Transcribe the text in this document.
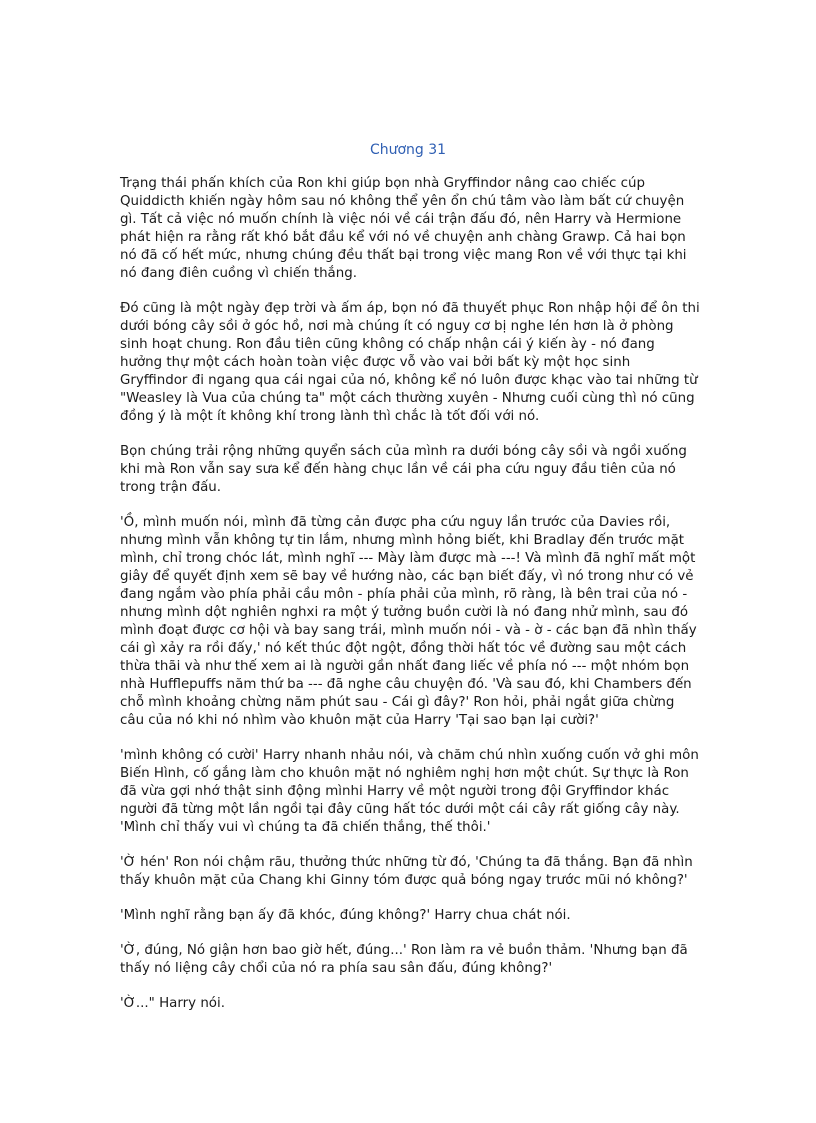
Chương 31

Trạng thái phấn khích của Ron khi giúp bọn nhà Gryffindor nâng cao chiếc cúp Quiddicth khiến ngày hôm sau nó không thể yên ổn chú tâm vào làm bất cứ chuyện gì. Tất cả việc nó muốn chính là việc nói về cái trận đấu đó, nên Harry và Hermione phát hiện ra rằng rất khó bắt đầu kể với nó về chuyện anh chàng Grawp. Cả hai bọn nó đã cố hết mức, nhưng chúng đều thất bại trong việc mang Ron về với thực tại khi nó đang điên cuồng vì chiến thắng.

Đó cũng là một ngày đẹp trời và ấm áp, bọn nó đã thuyết phục Ron nhập hội để ôn thi dưới bóng cây sồi ở góc hồ, nơi mà chúng ít có nguy cơ bị nghe lén hơn là ở phòng sinh hoạt chung. Ron đầu tiên cũng không có chấp nhận cái ý kiến ày - nó đang hưởng thự một cách hoàn toàn việc được vỗ vào vai bởi bất kỳ một học sinh Gryffindor đi ngang qua cái ngai của nó, không kể nó luôn được khạc vào tai những từ "Weasley là Vua của chúng ta" một cách thường xuyên - Nhưng cuối cùng thì nó cũng đồng ý là một ít không khí trong lành thì chắc là tốt đối với nó.

Bọn chúng trải rộng những quyển sách của mình ra dưới bóng cây sồi và ngồi xuống khi mà Ron vẫn say sưa kể đến hàng chục lần về cái pha cứu nguy đầu tiên của nó trong trận đấu.

'Ồ, mình muốn nói, mình đã từng cản được pha cứu nguy lần trước của Davies rồi, nhưng mình vẫn không tự tin lắm, nhưng mình hỏng biết, khi Bradlay đến trước mặt mình, chỉ trong chóc lát, mình nghĩ --- Mày làm được mà ---! Và mình đã nghĩ mất một giây để quyết định xem sẽ bay về hướng nào, các bạn biết đấy, vì nó trong như có vẻ đang ngắm vào phía phải cầu môn - phía phải của mình, rõ ràng, là bên trai của nó - nhưng mình dột nghiên nghxi ra một ý tưởng buồn cười là nó đang nhử mình, sau đó mình đoạt được cơ hội và bay sang trái, mình muốn nói - và - ờ - các bạn đã nhìn thấy cái gì xảy ra rồi đấy,' nó kết thúc đột ngột, đồng thời hất tóc về đường sau một cách thừa thãi và như thế xem ai là người gần nhất đang liếc về phía nó --- một nhóm bọn nhà Hufflepuffs năm thứ ba --- đã nghe câu chuyện đó. 'Và sau đó, khi Chambers đến chỗ mình khoảng chừng năm phút sau - Cái gì đây?' Ron hỏi, phải ngắt giữa chừng câu của nó khi nó nhìm vào khuôn mặt của Harry 'Tại sao bạn lại cười?'

'mình không có cười' Harry nhanh nhảu nói, và chăm chú nhìn xuống cuốn vở ghi môn Biến Hình, cố gắng làm cho khuôn mặt nó nghiêm nghị hơn một chút. Sự thực là Ron đã vừa gợi nhớ thật sinh động mìnhi Harry về một người trong đội Gryffindor khác người đã từng một lần ngồi tại đây cũng hất tóc dưới một cái cây rất giống cây này. 'Mình chỉ thấy vui vì chúng ta đã chiến thắng, thế thôi.'

'Ờ hén' Ron nói chậm rãu, thưởng thức những từ đó, 'Chúng ta đã thắng. Bạn đã nhìn thấy khuôn mặt của Chang khi Ginny tóm được quả bóng ngay trước mũi nó không?'

'Mình nghĩ rằng bạn ấy đã khóc, đúng không?' Harry chua chát nói.

'Ờ, đúng, Nó giận hơn bao giờ hết, đúng...' Ron làm ra vẻ buồn thảm. 'Nhưng bạn đã thấy nó liệng cây chổi của nó ra phía sau sân đấu, đúng không?'

'Ờ..." Harry nói.
